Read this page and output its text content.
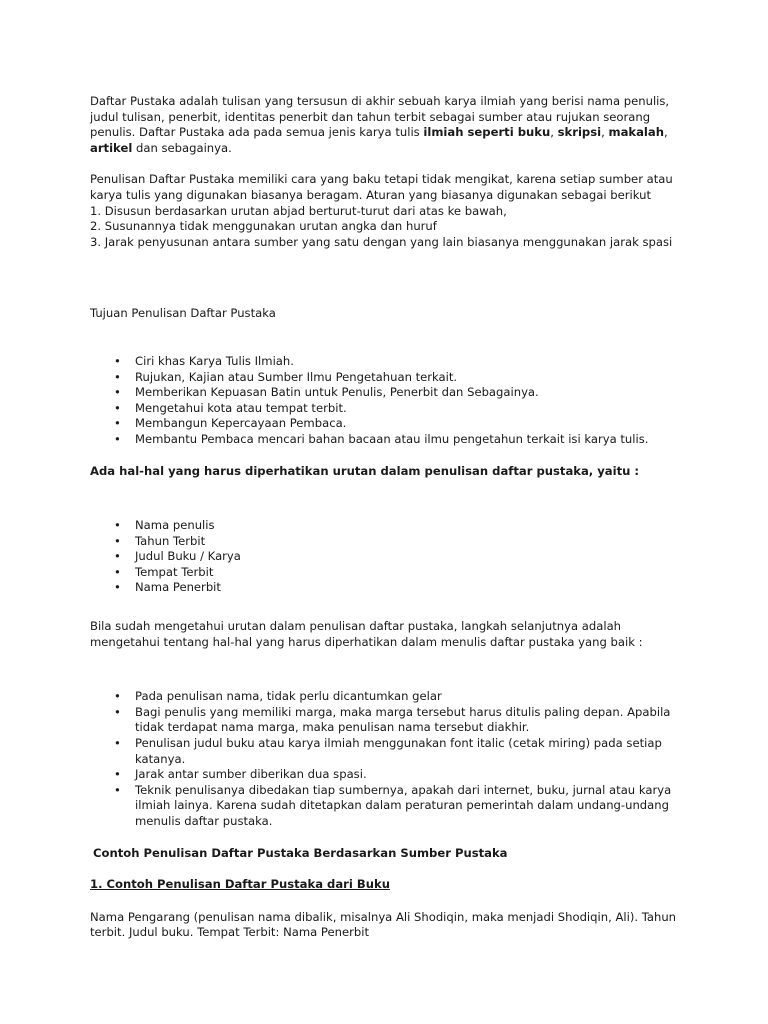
Daftar Pustaka adalah tulisan yang tersusun di akhir sebuah karya ilmiah yang berisi nama penulis, judul tulisan, penerbit, identitas penerbit dan tahun terbit sebagai sumber atau rujukan seorang penulis. Daftar Pustaka ada pada semua jenis karya tulis ilmiah seperti buku, skripsi, makalah, artikel dan sebagainya.

Penulisan Daftar Pustaka memiliki cara yang baku tetapi tidak mengikat, karena setiap sumber atau karya tulis yang digunakan biasanya beragam. Aturan yang biasanya digunakan sebagai berikut

1. Disusun berdasarkan urutan abjad berturut-turut dari atas ke bawah,

2. Susunannya tidak menggunakan urutan angka dan huruf

3. Jarak penyusunan antara sumber yang satu dengan yang lain biasanya menggunakan jarak spasi

Tujuan Penulisan Daftar Pustaka

• Ciri khas Karya Tulis Ilmiah.
• Rujukan, Kajian atau Sumber Ilmu Pengetahuan terkait.
• Memberikan Kepuasan Batin untuk Penulis, Penerbit dan Sebagainya.
• Mengetahui kota atau tempat terbit.
• Membangun Kepercayaan Pembaca.
• Membantu Pembaca mencari bahan bacaan atau ilmu pengetahun terkait isi karya tulis.

Ada hal-hal yang harus diperhatikan urutan dalam penulisan daftar pustaka, yaitu :

• Nama penulis
• Tahun Terbit
• Judul Buku / Karya
• Tempat Terbit
• Nama Penerbit

Bila sudah mengetahui urutan dalam penulisan daftar pustaka, langkah selanjutnya adalah mengetahui tentang hal-hal yang harus diperhatikan dalam menulis daftar pustaka yang baik :

• Pada penulisan nama, tidak perlu dicantumkan gelar
• Bagi penulis yang memiliki marga, maka marga tersebut harus ditulis paling depan. Apabila tidak terdapat nama marga, maka penulisan nama tersebut diakhir.
• Penulisan judul buku atau karya ilmiah menggunakan font italic (cetak miring) pada setiap katanya.
• Jarak antar sumber diberikan dua spasi.
• Teknik penulisanya dibedakan tiap sumbernya, apakah dari internet, buku, jurnal atau karya ilmiah lainya. Karena sudah ditetapkan dalam peraturan pemerintah dalam undang-undang menulis daftar pustaka.

Contoh Penulisan Daftar Pustaka Berdasarkan Sumber Pustaka

1. Contoh Penulisan Daftar Pustaka dari Buku

Nama Pengarang (penulisan nama dibalik, misalnya Ali Shodiqin, maka menjadi Shodiqin, Ali). Tahun terbit. Judul buku. Tempat Terbit: Nama Penerbit
